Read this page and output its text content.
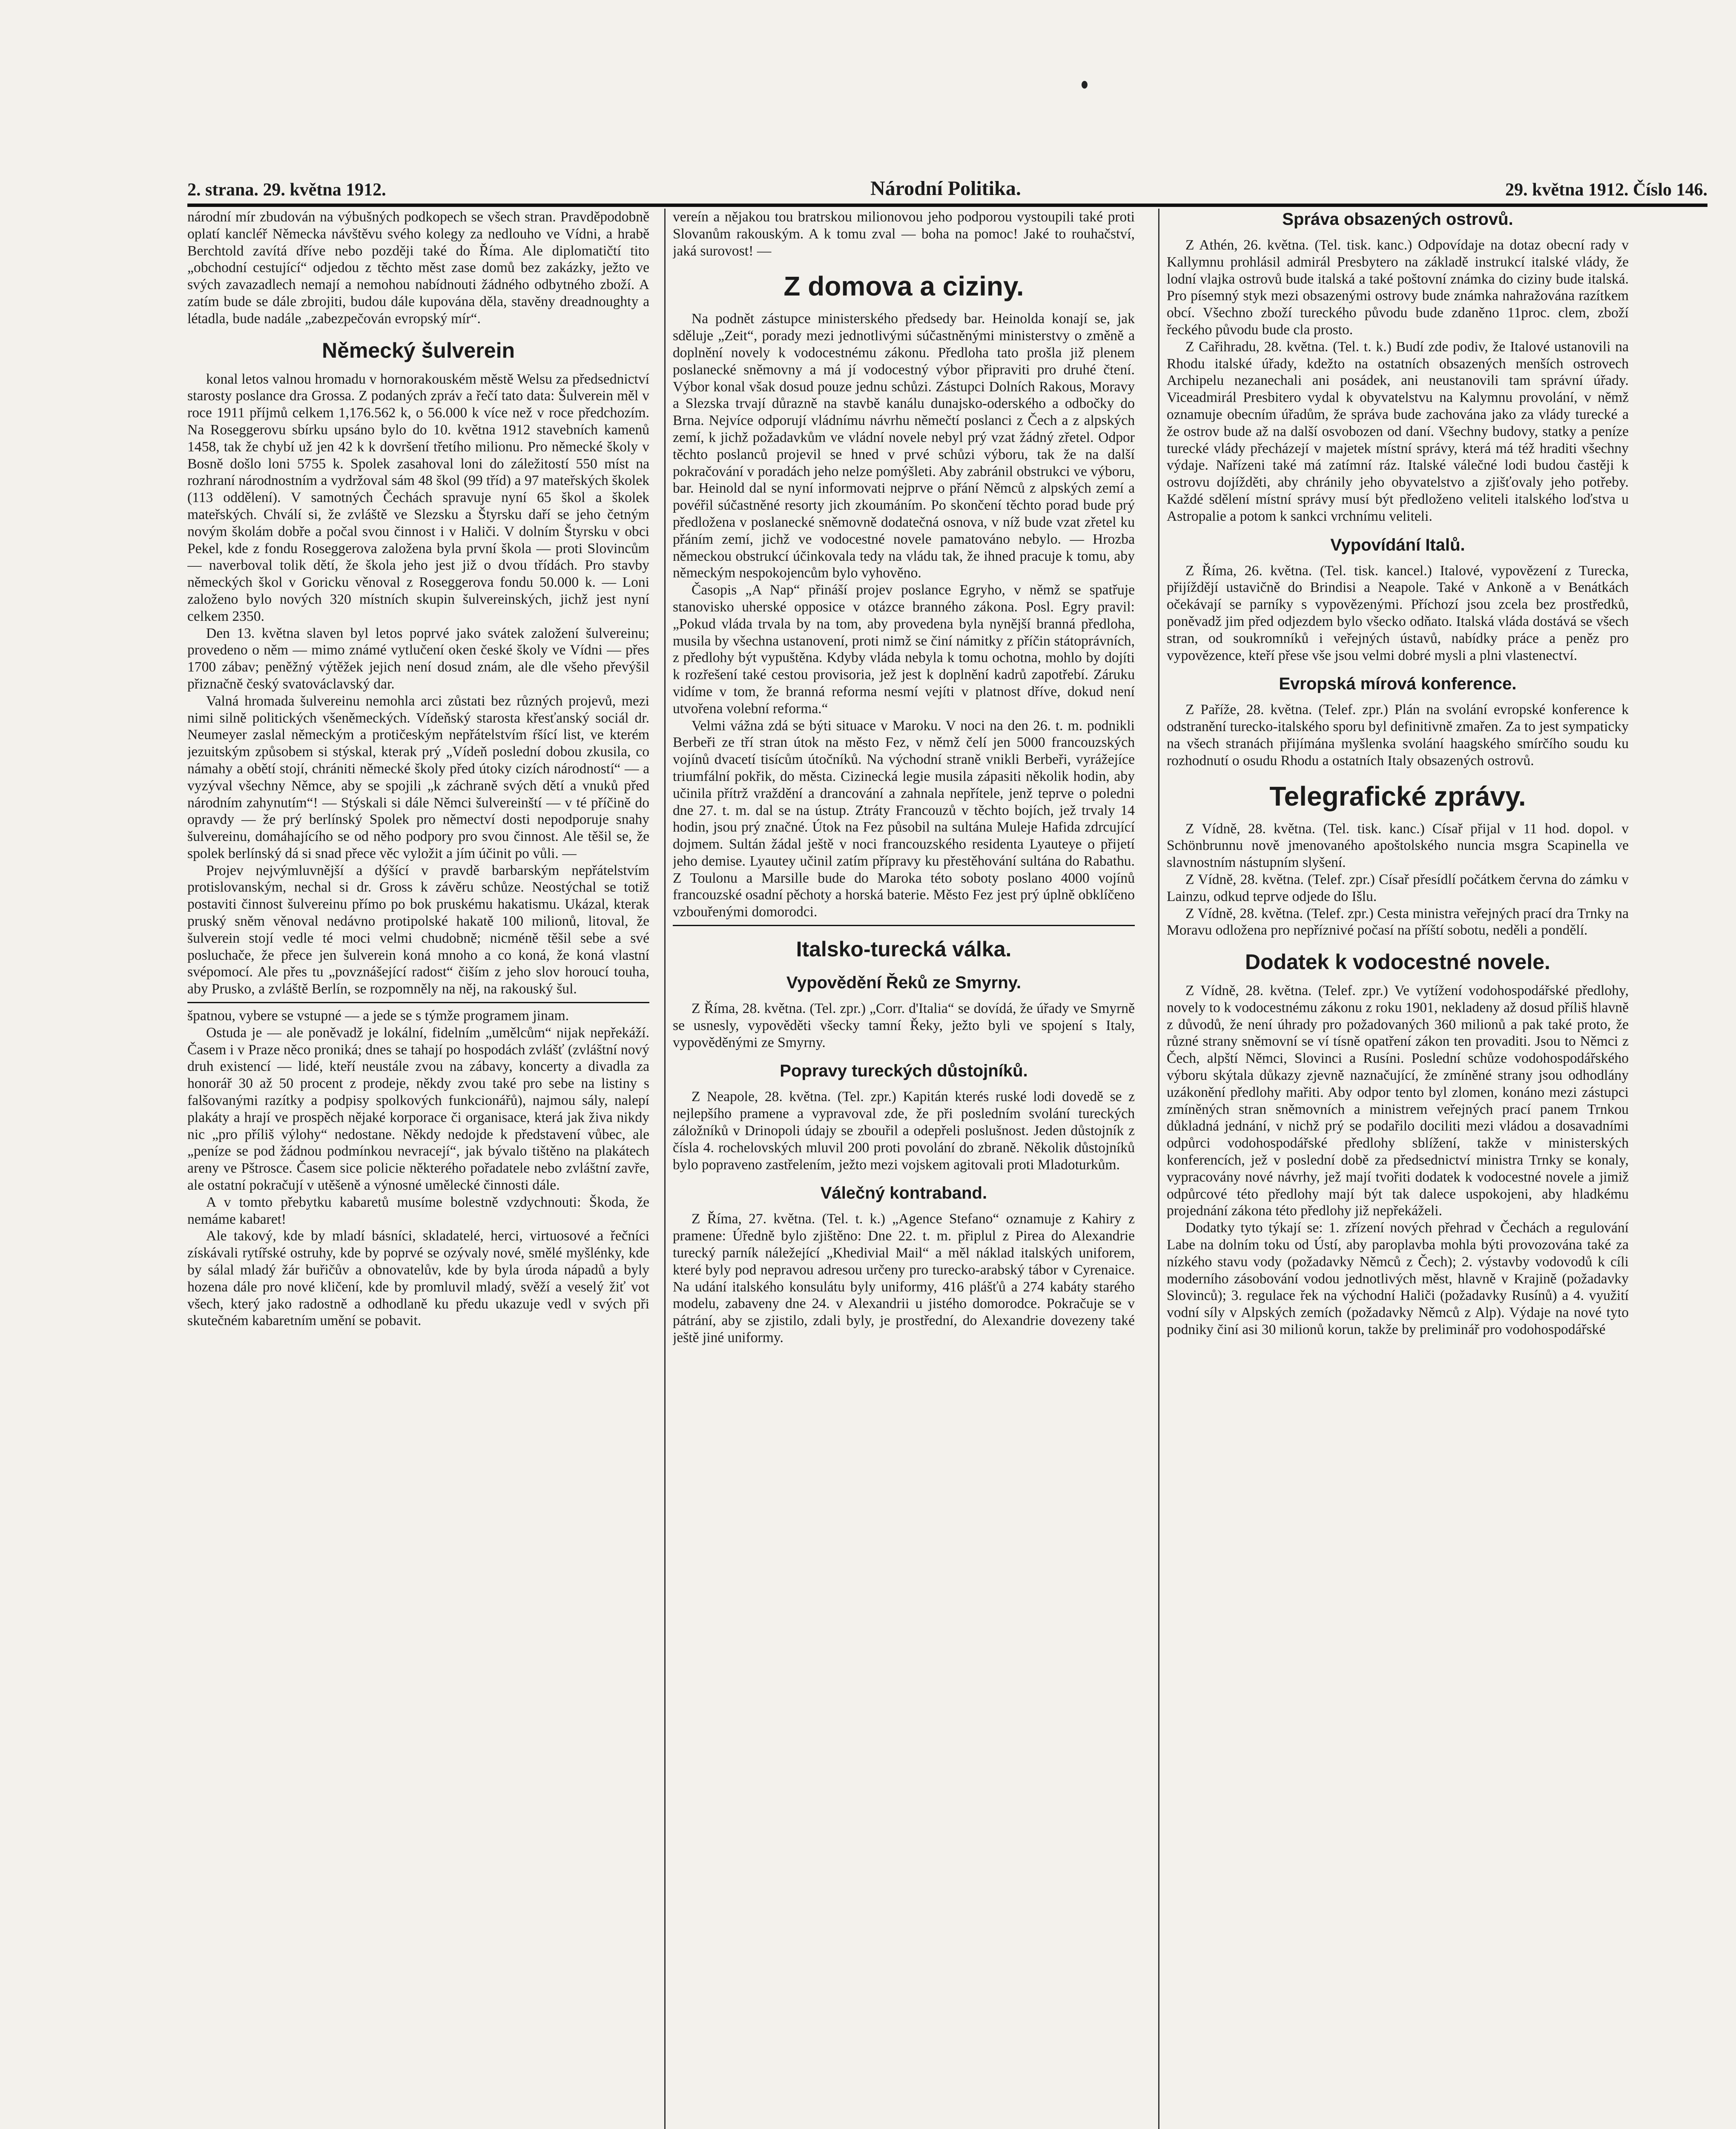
2. strana. 29. května 1912.	Národní Politika.	29. května 1912. Číslo 146.

národní mír zbudován na výbušných podkopech se všech stran. Pravděpodobně oplatí kancléř Německa návštěvu svého kolegy za nedlouho ve Vídni, a hrabě Berchtold zavítá dříve nebo později také do Říma. Ale diplomatičtí tito „obchodní cestující“ odjedou z těchto měst zase domů bez zakázky, ježto ve svých zavazadlech nemají a nemohou nabídnouti žádného odbytného zboží. A zatím bude se dále zbrojiti, budou dále kupována děla, stavěny dreadnoughty a létadla, bude nadále „zabezpečován evropský mír“.

Německý šulverein

konal letos valnou hromadu v hornorakouském městě Welsu za předsednictví starosty poslance dra Grossa. Z podaných zpráv a řečí tato data: Šulverein měl v roce 1911 příjmů celkem 1,176.562 k, o 56.000 k více než v roce předchozím. Na Roseggerovu sbírku upsáno bylo do 10. května 1912 stavebních kamenů 1458, tak že chybí už jen 42 k k dovršení třetího milionu. Pro německé školy v Bosně došlo loni 5755 k. Spolek zasahoval loni do záležitostí 550 míst na rozhraní národnostním a vydržoval sám 48 škol (99 tříd) a 97 mateřských školek (113 oddělení). V samotných Čechách spravuje nyní 65 škol a školek mateřských. Chválí si, že zvláště ve Slezsku a Štyrsku daří se jeho četným novým školám dobře a počal svou činnost i v Haliči. V dolním Štyrsku v obci Pekel, kde z fondu Roseggerova založena byla první škola — proti Slovincům — naverboval tolik dětí, že škola jeho jest již o dvou třídách. Pro stavby německých škol v Goricku věnoval z Roseggerova fondu 50.000 k. — Loni založeno bylo nových 320 místních skupin šulvereinských, jichž jest nyní celkem 2350.

Den 13. května slaven byl letos poprvé jako svátek založení šulvereinu; provedeno o něm — mimo známé vytlučení oken české školy ve Vídni — přes 1700 zábav; peněžný výtěžek jejich není dosud znám, ale dle všeho převýšil přiznačně český svatováclavský dar.

Valná hromada šulvereinu nemohla arci zůstati bez různých projevů, mezi nimi silně politických všeněmeckých. Vídeňský starosta křesťanský sociál dr. Neumeyer zaslal německým a protičeským nepřátelstvím ŕšící list, ve kterém jezuitským způsobem si stýskal, kterak prý „Vídeň poslední dobou zkusila, co námahy a obětí stojí, chrániti německé školy před útoky cizích národností“ — a vyzýval všechny Němce, aby se spojili „k záchraně svých dětí a vnuků před národním zahynutím“! — Stýskali si dále Němci šulvereinští — v té příčině do opravdy — že prý berlínský Spolek pro němectví dosti nepodporuje snahy šulvereinu, domáhajícího se od něho podpory pro svou činnost. Ale těšil se, že spolek berlínský dá si snad přece věc vyložit a jím účinit po vůli. —

Projev nejvýmluvnější a dýšící v pravdě barbarským nepřátelstvím protislovanským, nechal si dr. Gross k závěru schůze. Neostýchal se totiž postaviti činnost šulvereinu přímo po bok pruskému hakatismu. Ukázal, kterak pruský sněm věnoval nedávno protipolské hakatě 100 milionů, litoval, že šulverein stojí vedle té moci velmi chudobně; nicméně těšil sebe a své posluchače, že přece jen šulverein koná mnoho a co koná, že koná vlastní svépomocí. Ale přes tu „povznášející radost“ čiším z jeho slov horoucí touha, aby Prusko, a zvláště Berlín, se rozpomněly na něj, na rakouský šul.

špatnou, vybere se vstupné — a jede se s týmže programem jinam.

Ostuda je — ale poněvadž je lokální, fidelním „umělcům“ nijak nepřekáží. Časem i v Praze něco proniká; dnes se tahají po hospodách zvlášť (zvláštní nový druh existencí — lidé, kteří neustále zvou na zábavy, koncerty a divadla za honorář 30 až 50 procent z prodeje, někdy zvou také pro sebe na listiny s falšovanými razítky a podpisy spolkových funkcionářů), najmou sály, nalepí plakáty a hrají ve prospěch nějaké korporace či organisace, která jak živa nikdy nic „pro příliš výlohy“ nedostane. Někdy nedojde k představení vůbec, ale „peníze se pod žádnou podmínkou nevracejí“, jak bývalo tištěno na plakátech areny ve Pštrosce. Časem sice policie některého pořadatele nebo zvláštní zavře, ale ostatní pokračují v utěšeně a výnosné umělecké činnosti dále.

A v tomto přebytku kabaretů musíme bolestně vzdychnouti: Škoda, že nemáme kabaret!

Ale takový, kde by mladí básníci, skladatelé, herci, virtuosové a řečníci získávali rytířské ostruhy, kde by poprvé se ozývaly nové, smělé myšlénky, kde by sálal mladý žár buřičův a obnovatelův, kde by byla úroda nápadů a byly hozena dále pro nové kličení, kde by promluvil mladý, svěží a veselý žiť vot všech, který jako radostně a odhodlaně ku předu ukazuje vedl v svých při skutečném kabaretním umění se pobavit.

vereín a nějakou tou bratrskou milionovou jeho podporou vystoupili také proti Slovanům rakouským. A k tomu zval — boha na pomoc! Jaké to rouhačství, jaká surovost! —

Z domova a ciziny.

Na podnět zástupce ministerského předsedy bar. Heinolda konají se, jak sděluje „Zeit“, porady mezi jednotlivými súčastněnými ministerstvy o změně a doplnění novely k vodocestnému zákonu. Předloha tato prošla již plenem poslanecké sněmovny a má jí vodocestný výbor připraviti pro druhé čtení. Výbor konal však dosud pouze jednu schůzi. Zástupci Dolních Rakous, Moravy a Slezska trvají důrazně na stavbě kanálu dunajsko-oderského a odbočky do Brna. Nejvíce odporují vládnímu návrhu němečtí poslanci z Čech a z alpských zemí, k jichž požadavkům ve vládní novele nebyl prý vzat žádný zřetel. Odpor těchto poslanců projevil se hned v prvé schůzi výboru, tak že na další pokračování v poradách jeho nelze pomýšleti. Aby zabránil obstrukci ve výboru, bar. Heinold dal se nyní informovati nejprve o přání Němců z alpských zemí a povéřil súčastněné resorty jich zkoumáním. Po skončení těchto porad bude prý předložena v poslanecké sněmovně dodatečná osnova, v níž bude vzat zřetel ku přáním zemí, jichž ve vodocestné novele pamatováno nebylo. — Hrozba německou obstrukcí účinkovala tedy na vládu tak, že ihned pracuje k tomu, aby německým nespokojencům bylo vyhověno.

Časopis „A Nap“ přináší projev poslance Egryho, v němž se spatřuje stanovisko uherské opposice v otázce branného zákona. Posl. Egry pravil: „Pokud vláda trvala by na tom, aby provedena byla nynější branná předloha, musila by všechna ustanovení, proti nimž se činí námitky z příčin státoprávních, z předlohy být vypuštěna. Kdyby vláda nebyla k tomu ochotna, mohlo by dojíti k rozřešení také cestou provisoria, jež jest k doplnění kadrů zapotřebí. Záruku vidíme v tom, že branná reforma nesmí vejíti v platnost dříve, dokud není utvořena volební reforma.“

Velmi vážna zdá se býti situace v Maroku. V noci na den 26. t. m. podnikli Berbeři ze tří stran útok na město Fez, v němž čelí jen 5000 francouzských vojínů dvacetí tisícům útočníků. Na východní straně vnikli Berbeři, vyrážejíce triumfální pokřik, do města. Cizinecká legie musila zápasiti několik hodin, aby učinila přítrž vraždění a drancování a zahnala nepřítele, jenž teprve o poledni dne 27. t. m. dal se na ústup. Ztráty Francouzů v těchto bojích, jež trvaly 14 hodin, jsou prý značné. Útok na Fez působil na sultána Muleje Hafida zdrcující dojmem. Sultán žádal ještě v noci francouzského residenta Lyauteye o přijetí jeho demise. Lyautey učinil zatím přípravy ku přestěhování sultána do Rabathu. Z Toulonu a Marsille bude do Maroka této soboty poslano 4000 vojínů francouzské osadní pěchoty a horská baterie. Město Fez jest prý úplně obklíčeno vzbouřenými domorodci.

Italsko-turecká válka.
Vypovědění Řeků ze Smyrny.

Z Říma, 28. května. (Tel. zpr.) „Corr. d'Italia“ se dovídá, že úřady ve Smyrně se usnesly, vypověděti všecky tamní Řeky, ježto byli ve spojení s Italy, vypověděnými ze Smyrny.

Popravy tureckých důstojníků.

Z Neapole, 28. května. (Tel. zpr.) Kapitán kterés ruské lodi dovedě se z nejlepšího pramene a vypravoval zde, že při posledním svolání tureckých záložníků v Drinopoli údajy se zbouřil a odepřeli poslušnost. Jeden důstojník z čísla 4. rochelovských mluvil 200 proti povolání do zbraně. Několik důstojníků bylo popraveno zastřelením, ježto mezi vojskem agitovali proti Mladoturkům.

Válečný kontraband.

Z Říma, 27. května. (Tel. t. k.) „Agence Stefano“ oznamuje z Kahiry z pramene: Úředně bylo zjištěno: Dne 22. t. m. připlul z Pirea do Alexandrie turecký parník náležející „Khedivial Mail“ a měl náklad italských uniforem, které byly pod nepravou adresou určeny pro turecko-arabský tábor v Cyrenaice. Na udání italského konsulátu byly uniformy, 416 plášťů a 274 kabáty starého modelu, zabaveny dne 24. v Alexandrii u jistého domorodce. Pokračuje se v pátrání, aby se zjistilo, zdali byly, je prostřední, do Alexandrie dovezeny také ještě jiné uniformy.

Správa obsazených ostrovů.

Z Athén, 26. května. (Tel. tisk. kanc.) Odpovídaje na dotaz obecní rady v Kallymnu prohlásil admirál Presbytero na základě instrukcí italské vlády, že lodní vlajka ostrovů bude italská a také poštovní známka do ciziny bude italská. Pro písemný styk mezi obsazenými ostrovy bude známka nahražována razítkem obcí. Všechno zboží tureckého původu bude zdaněno 11proc. clem, zboží řeckého původu bude cla prosto.

Z Cařihradu, 28. května. (Tel. t. k.) Budí zde podiv, že Italové ustanovili na Rhodu italské úřady, kdežto na ostatních obsazených menších ostrovech Archipelu nezanechali ani posádek, ani neustanovili tam správní úřady. Viceadmirál Presbitero vydal k obyvatelstvu na Kalymnu provolání, v němž oznamuje obecním úřadům, že správa bude zachována jako za vlády turecké a že ostrov bude až na další osvobozen od daní. Všechny budovy, statky a peníze turecké vlády přecházejí v majetek místní správy, která má též hraditi všechny výdaje. Nařízeni také má zatímní ráz. Italské válečné lodi budou častěji k ostrovu dojížděti, aby chránily jeho obyvatelstvo a zjišťovaly jeho potřeby. Každé sdělení místní správy musí být předloženo veliteli italského loďstva u Astropalie a potom k sankci vrchnímu veliteli.

Vypovídání Italů.

Z Říma, 26. května. (Tel. tisk. kancel.) Italové, vypovězení z Turecka, přijíždějí ustavičně do Brindisi a Neapole. Také v Ankoně a v Benátkách očekávají se parníky s vypovězenými. Příchozí jsou zcela bez prostředků, poněvadž jim před odjezdem bylo všecko odňato. Italská vláda dostává se všech stran, od soukromníků i veřejných ústavů, nabídky práce a peněz pro vypovězence, kteří přese vše jsou velmi dobré mysli a plni vlastenectví.

Evropská mírová konference.

Z Paříže, 28. května. (Telef. zpr.) Plán na svolání evropské konference k odstranění turecko-italského sporu byl definitivně zmařen. Za to jest sympaticky na všech stranách přijímána myšlenka svolání haagského smírčího soudu ku rozhodnutí o osudu Rhodu a ostatních Italy obsazených ostrovů.

Telegrafické zprávy.

Z Vídně, 28. května. (Tel. tisk. kanc.) Císař přijal v 11 hod. dopol. v Schönbrunnu nově jmenovaného apoštolského nuncia msgra Scapinella ve slavnostním nástupním slyšení.

Z Vídně, 28. května. (Telef. zpr.) Císař přesídlí počátkem června do zámku v Lainzu, odkud teprve odjede do Išlu.

Z Vídně, 28. května. (Telef. zpr.) Cesta ministra veřejných prací dra Trnky na Moravu odložena pro nepříznivé počasí na příští sobotu, neděli a pondělí.

Dodatek k vodocestné novele.

Z Vídně, 28. května. (Telef. zpr.) Ve vytížení vodohospodářské předlohy, novely to k vodocestnému zákonu z roku 1901, nekladeny až dosud příliš hlavně z důvodů, že není úhrady pro požadovaných 360 milionů a pak také proto, že různé strany sněmovní se ví tísně opatření zákon ten provaditi. Jsou to Němci z Čech, alpští Němci, Slovinci a Rusíni. Poslední schůze vodohospodářského výboru skýtala důkazy zjevně naznačující, že zmíněné strany jsou odhodlány uzákonění předlohy mařiti. Aby odpor tento byl zlomen, konáno mezi zástupci zmíněných stran sněmovních a ministrem veřejných prací panem Trnkou důkladná jednání, v nichž prý se podařilo dociliti mezi vládou a dosavadními odpůrci vodohospodářské předlohy sblížení, takže v ministerských konferencích, jež v poslední době za předsednictví ministra Trnky se konaly, vypracovány nové návrhy, jež mají tvořiti dodatek k vodocestné novele a jimiž odpůrcové této předlohy mají být tak dalece uspokojeni, aby hladkému projednání zákona této předlohy již nepřekáželi.

Dodatky tyto týkají se: 1. zřízení nových přehrad v Čechách a regulování Labe na dolním toku od Ústí, aby paroplavba mohla býti provozována také za nízkého stavu vody (požadavky Němců z Čech); 2. výstavby vodovodů k cíli moderního zásobování vodou jednotlivých měst, hlavně v Krajině (požadavky Slovinců); 3. regulace řek na východní Haliči (požadavky Rusínů) a 4. využití vodní síly v Alpských zemích (požadavky Němců z Alp). Výdaje na nové tyto podniky činí asi 30 milionů korun, takže by preliminář pro vodohospodářské
